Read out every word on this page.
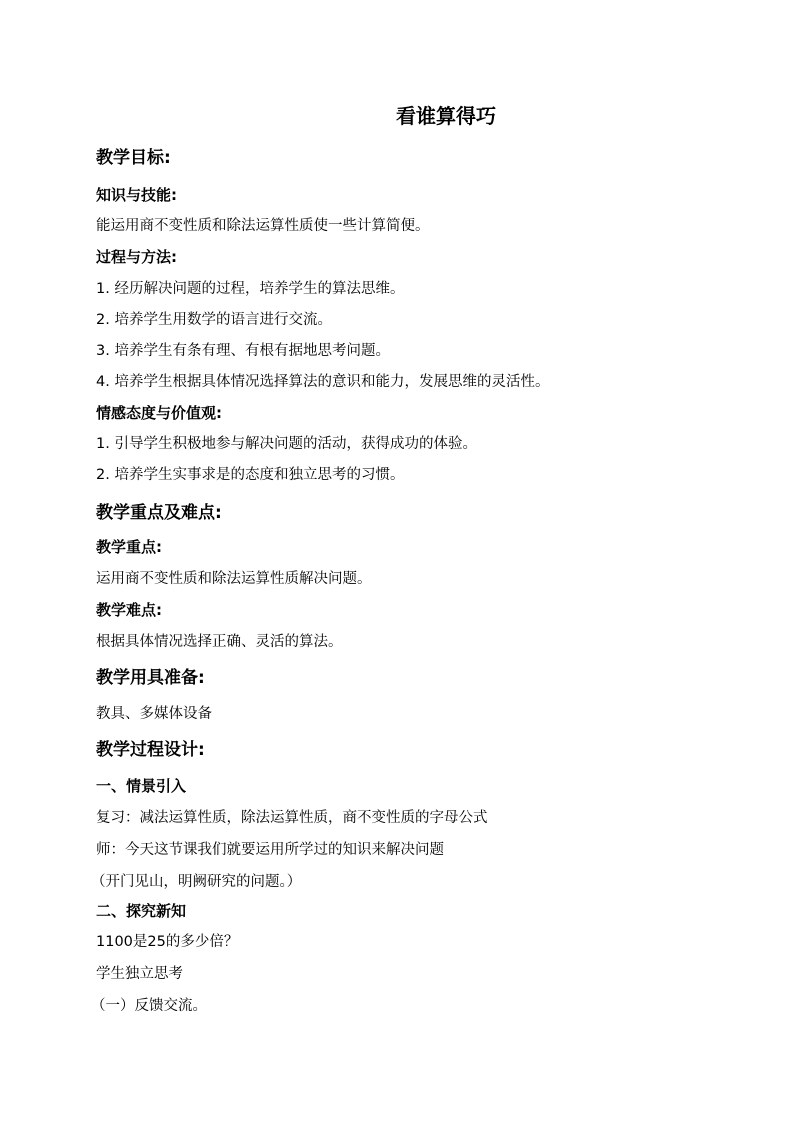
看谁算得巧
教学目标:
知识与技能:
能运用商不变性质和除法运算性质使一些计算简便。
过程与方法:
1. 经历解决问题的过程，培养学生的算法思维。
2. 培养学生用数学的语言进行交流。
3. 培养学生有条有理、有根有据地思考问题。
4. 培养学生根据具体情况选择算法的意识和能力，发展思维的灵活性。
情感态度与价值观:
1. 引导学生积极地参与解决问题的活动，获得成功的体验。
2. 培养学生实事求是的态度和独立思考的习惯。
教学重点及难点:
教学重点:
运用商不变性质和除法运算性质解决问题。
教学难点:
根据具体情况选择正确、灵活的算法。
教学用具准备:
教具、多媒体设备
教学过程设计:
一、情景引入
复习：减法运算性质，除法运算性质，商不变性质的字母公式
师：今天这节课我们就要运用所学过的知识来解决问题
（开门见山，明阙研究的问题。）
二、探究新知
1100是25的多少倍？
学生独立思考
（一）反馈交流。
